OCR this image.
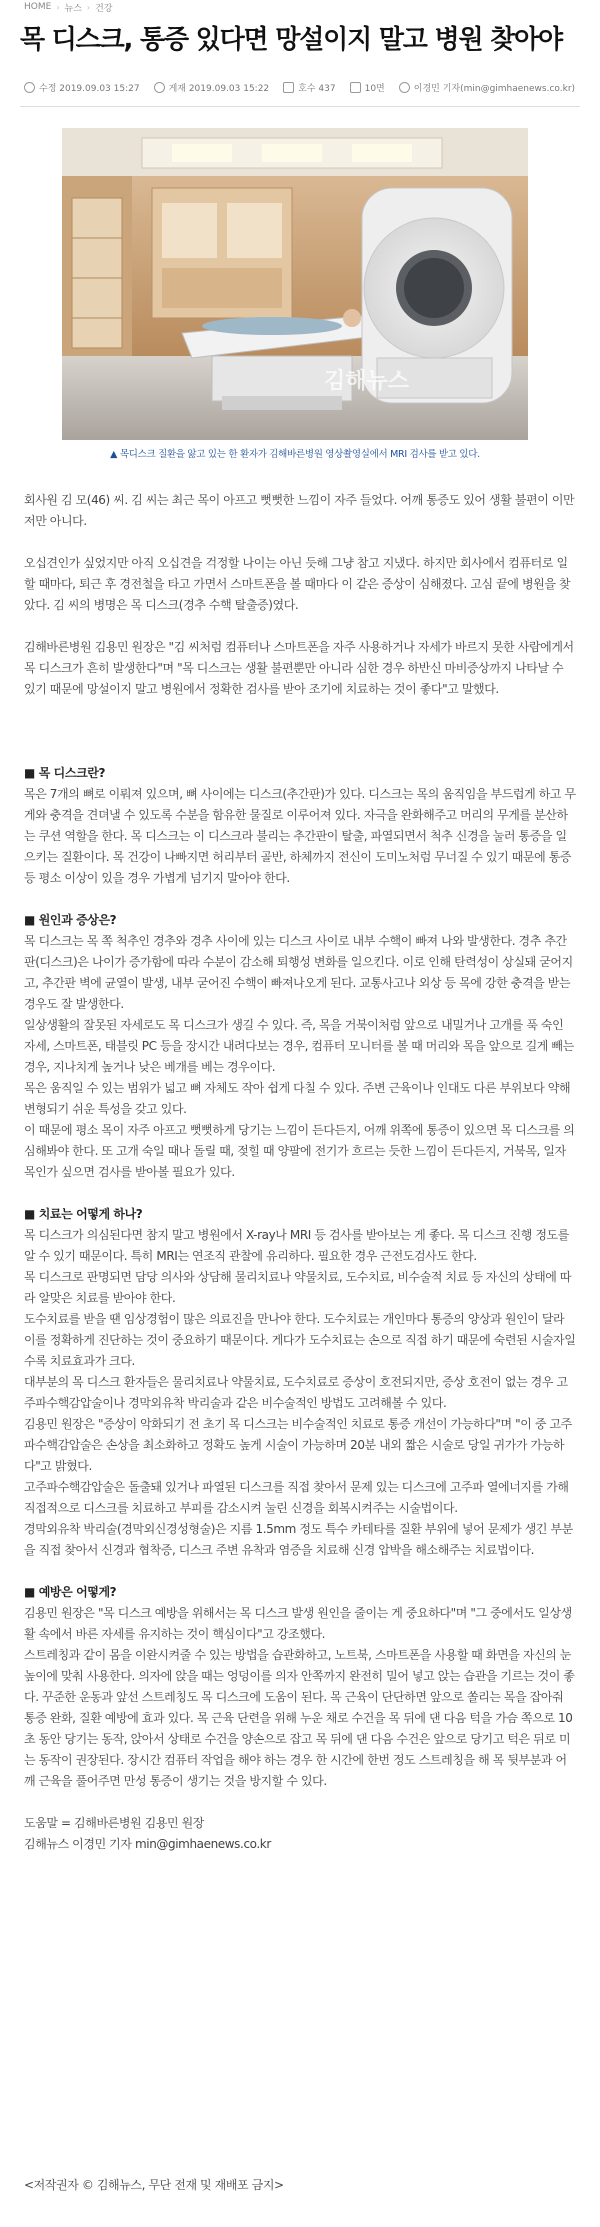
HOME › 뉴스 › 건강
목 디스크, 통증 있다면 망설이지 말고 병원 찾아야
수정 2019.09.03 15:27	게재 2019.09.03 15:22	호수 437	10면	이경민 기자(min@gimhaenews.co.kr)
김해뉴스
▲ 목디스크 질환을 앓고 있는 한 환자가 김해바른병원 영상촬영실에서 MRI 검사를 받고 있다.

회사원 김 모(46) 씨. 김 씨는 최근 목이 아프고 뻣뻣한 느낌이 자주 들었다. 어깨 통증도 있어 생활 불편이 이만저만 아니다.

오십견인가 싶었지만 아직 오십견을 걱정할 나이는 아닌 듯해 그냥 참고 지냈다. 하지만 회사에서 컴퓨터로 일할 때마다, 퇴근 후 경전철을 타고 가면서 스마트폰을 볼 때마다 이 같은 증상이 심해졌다. 고심 끝에 병원을 찾았다. 김 씨의 병명은 목 디스크(경추 수핵 탈출증)였다.

김해바른병원 김용민 원장은 "김 씨처럼 컴퓨터나 스마트폰을 자주 사용하거나 자세가 바르지 못한 사람에게서 목 디스크가 흔히 발생한다"며 "목 디스크는 생활 불편뿐만 아니라 심한 경우 하반신 마비증상까지 나타날 수 있기 때문에 망설이지 말고 병원에서 정확한 검사를 받아 조기에 치료하는 것이 좋다"고 말했다.

■ 목 디스크란?

목은 7개의 뼈로 이뤄져 있으며, 뼈 사이에는 디스크(추간판)가 있다. 디스크는 목의 움직임을 부드럽게 하고 무게와 충격을 견뎌낼 수 있도록 수분을 함유한 물질로 이루어져 있다. 자극을 완화해주고 머리의 무게를 분산하는 쿠션 역할을 한다. 목 디스크는 이 디스크라 불리는 추간판이 탈출, 파열되면서 척추 신경을 눌러 통증을 일으키는 질환이다. 목 건강이 나빠지면 허리부터 골반, 하체까지 전신이 도미노처럼 무너질 수 있기 때문에 통증 등 평소 이상이 있을 경우 가볍게 넘기지 말아야 한다.

■ 원인과 증상은?

목 디스크는 목 쪽 척추인 경추와 경추 사이에 있는 디스크 사이로 내부 수핵이 빠져 나와 발생한다. 경추 추간판(디스크)은 나이가 증가함에 따라 수분이 감소해 퇴행성 변화를 일으킨다. 이로 인해 탄력성이 상실돼 굳어지고, 추간판 벽에 균열이 발생, 내부 굳어진 수핵이 빠져나오게 된다. 교통사고나 외상 등 목에 강한 충격을 받는 경우도 잘 발생한다.

일상생활의 잘못된 자세로도 목 디스크가 생길 수 있다. 즉, 목을 거북이처럼 앞으로 내밀거나 고개를 푹 숙인 자세, 스마트폰, 태블릿 PC 등을 장시간 내려다보는 경우, 컴퓨터 모니터를 볼 때 머리와 목을 앞으로 길게 빼는 경우, 지나치게 높거나 낮은 베개를 베는 경우이다.

목은 움직일 수 있는 범위가 넓고 뼈 자체도 작아 쉽게 다칠 수 있다. 주변 근육이나 인대도 다른 부위보다 약해 변형되기 쉬운 특성을 갖고 있다.

이 때문에 평소 목이 자주 아프고 뻣뻣하게 당기는 느낌이 든다든지, 어깨 위쪽에 통증이 있으면 목 디스크를 의심해봐야 한다. 또 고개 숙일 때나 돌릴 때, 젖힐 때 양팔에 전기가 흐르는 듯한 느낌이 든다든지, 거북목, 일자목인가 싶으면 검사를 받아볼 필요가 있다.

■ 치료는 어떻게 하나?

목 디스크가 의심된다면 참지 말고 병원에서 X-ray나 MRI 등 검사를 받아보는 게 좋다. 목 디스크 진행 정도를 알 수 있기 때문이다. 특히 MRI는 연조직 관찰에 유리하다. 필요한 경우 근전도검사도 한다.

목 디스크로 판명되면 담당 의사와 상담해 물리치료나 약물치료, 도수치료, 비수술적 치료 등 자신의 상태에 따라 알맞은 치료를 받아야 한다.

도수치료를 받을 땐 임상경험이 많은 의료진을 만나야 한다. 도수치료는 개인마다 통증의 양상과 원인이 달라 이를 정확하게 진단하는 것이 중요하기 때문이다. 게다가 도수치료는 손으로 직접 하기 때문에 숙련된 시술자일수록 치료효과가 크다.

대부분의 목 디스크 환자들은 물리치료나 약물치료, 도수치료로 증상이 호전되지만, 증상 호전이 없는 경우 고주파수핵감압술이나 경막외유착 박리술과 같은 비수술적인 방법도 고려해볼 수 있다.

김용민 원장은 "증상이 악화되기 전 초기 목 디스크는 비수술적인 치료로 통증 개선이 가능하다"며 "이 중 고주파수핵감압술은 손상을 최소화하고 정확도 높게 시술이 가능하며 20분 내외 짧은 시술로 당일 귀가가 가능하다"고 밝혔다.

고주파수핵감압술은 돌출돼 있거나 파열된 디스크를 직접 찾아서 문제 있는 디스크에 고주파 열에너지를 가해 직접적으로 디스크를 치료하고 부피를 감소시켜 눌린 신경을 회복시켜주는 시술법이다.

경막외유착 박리술(경막외신경성형술)은 지름 1.5mm 정도 특수 카테타를 질환 부위에 넣어 문제가 생긴 부분을 직접 찾아서 신경과 협착증, 디스크 주변 유착과 염증을 치료해 신경 압박을 해소해주는 치료법이다.

■ 예방은 어떻게?

김용민 원장은 "목 디스크 예방을 위해서는 목 디스크 발생 원인을 줄이는 게 중요하다"며 "그 중에서도 일상생활 속에서 바른 자세를 유지하는 것이 핵심이다"고 강조했다.

스트레칭과 같이 몸을 이완시켜줄 수 있는 방법을 습관화하고, 노트북, 스마트폰을 사용할 때 화면을 자신의 눈높이에 맞춰 사용한다. 의자에 앉을 때는 엉덩이를 의자 안쪽까지 완전히 밀어 넣고 앉는 습관을 기르는 것이 좋다. 꾸준한 운동과 앞선 스트레칭도 목 디스크에 도움이 된다. 목 근육이 단단하면 앞으로 쏠리는 목을 잡아줘 통증 완화, 질환 예방에 효과 있다. 목 근육 단련을 위해 누운 채로 수건을 목 뒤에 댄 다음 턱을 가슴 쪽으로 10초 동안 당기는 동작, 앉아서 상태로 수건을 양손으로 잡고 목 뒤에 댄 다음 수건은 앞으로 당기고 턱은 뒤로 미는 동작이 권장된다. 장시간 컴퓨터 작업을 해야 하는 경우 한 시간에 한번 정도 스트레칭을 해 목 뒷부분과 어깨 근육을 풀어주면 만성 통증이 생기는 것을 방지할 수 있다.

도움말 = 김해바른병원 김용민 원장

김해뉴스 이경민 기자 min@gimhaenews.co.kr

<저작권자 © 김해뉴스, 무단 전재 및 재배포 금지>
